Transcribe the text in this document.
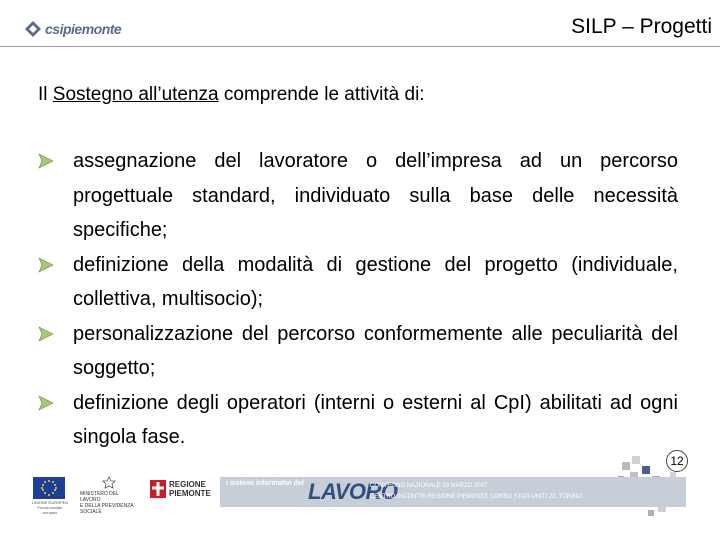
csipiemonte	SILP – Progetti
Il Sostegno all’utenza comprende le attività di:
assegnazione del lavoratore o dell’impresa ad un percorso progettuale standard, individuato sulla base delle necessità specifiche;
definizione della modalità di gestione del progetto (individuale, collettiva, multisocio);
personalizzazione del percorso conformemente alle peculiarità del soggetto;
definizione degli operatori (interni o esterni al CpI) abilitati ad ogni singola fase.
12
UNIONE EUROPEA Fondo sociale europeo
MINISTERO DEL LAVORO
E DELLA PREVIDENZA SOCIALE
REGIONE
PIEMONTE
i sistemi informativi del LAVORO
CONVEGNO NAZIONALE 29 MARZO 2007
CENTRO INCONTRI REGIONE PIEMONTE CORSO STATI UNITI 23, TORINO
